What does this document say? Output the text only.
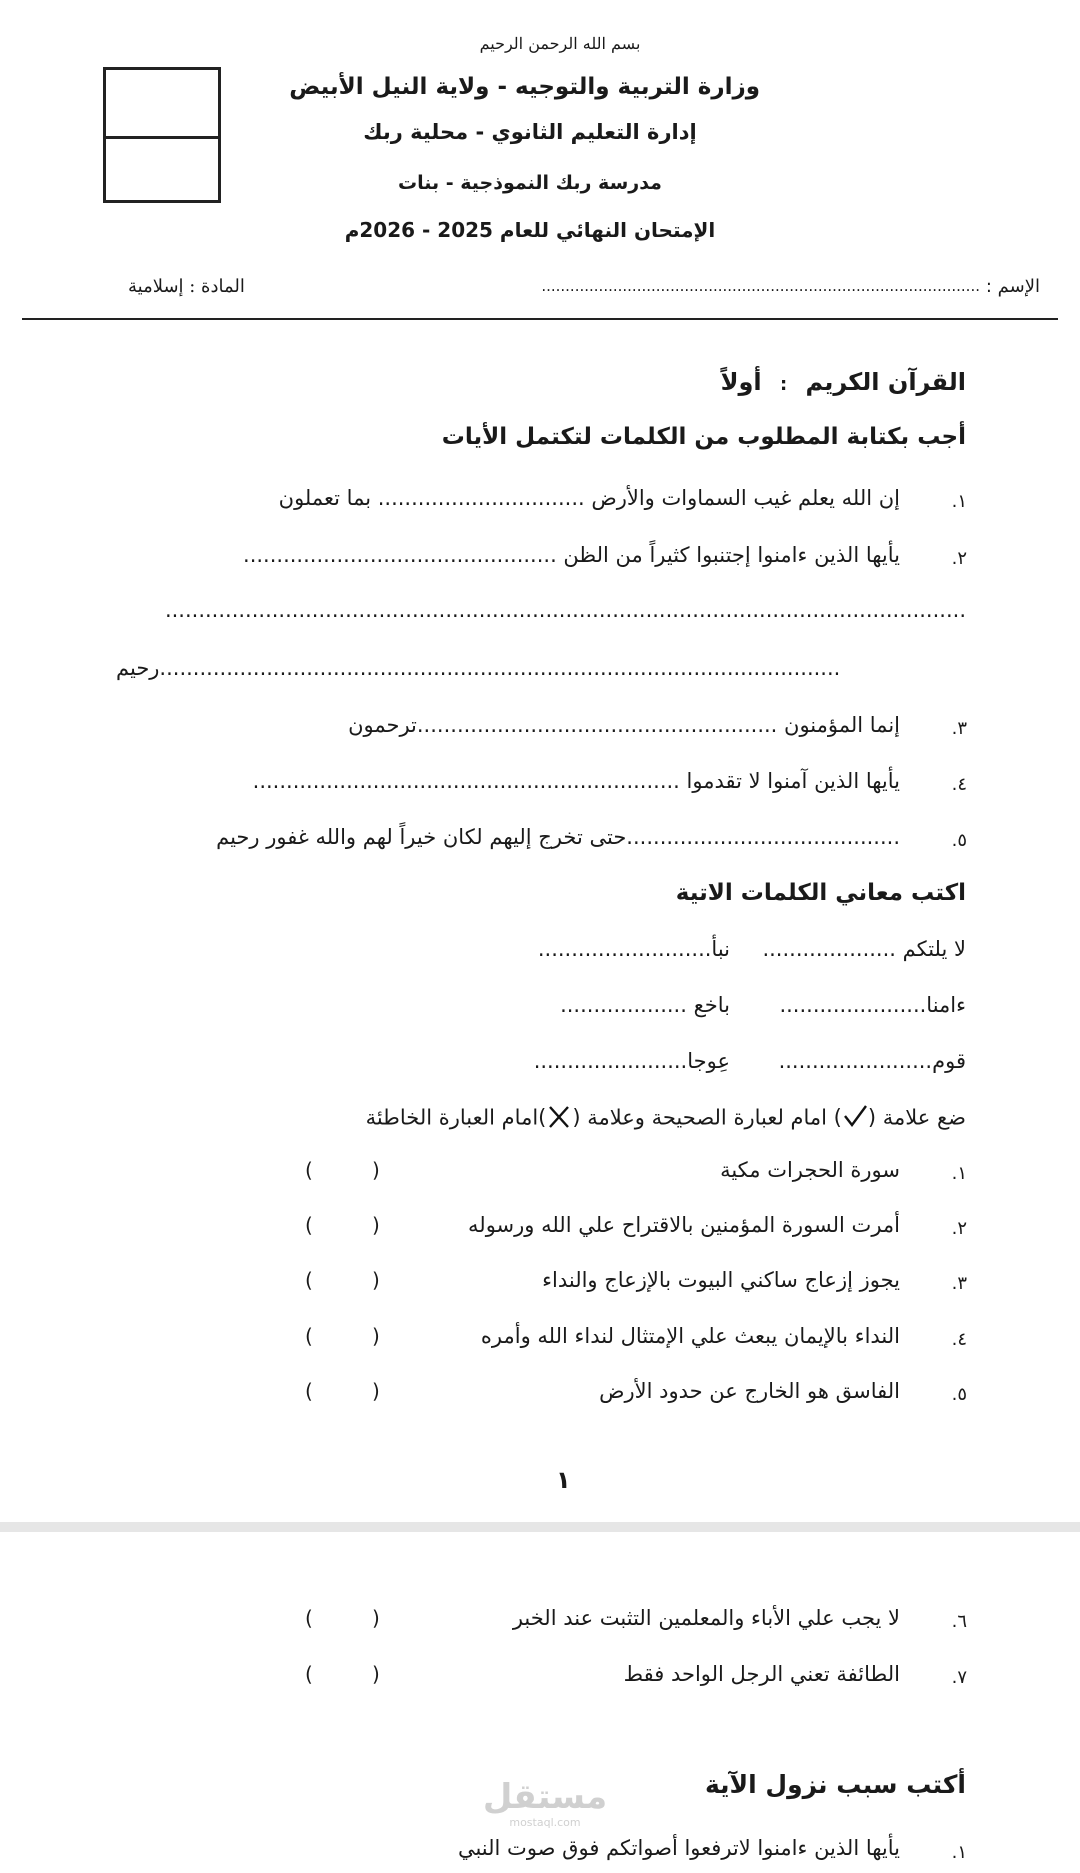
بسم الله الرحمن الرحيم
وزارة التربية والتوجيه - ولاية النيل الأبيض
إدارة التعليم الثانوي - محلية ربك
مدرسة ربك النموذجية - بنات
الإمتحان النهائي للعام 2025 - 2026م
الإسم :
............................................................................................
المادة : إسلامية
القرآن الكريم : أولاً
أجب بكتابة المطلوب من الكلمات لتكتمل الأيات
١.
إن الله يعلم غيب السماوات والأرض ............................... بما تعملون
٢.
يأيها الذين ءامنوا إجتنبوا كثيراً من الظن ...............................................
........................................................................................................................
......................................................................................................رحيم
٣.
إنما المؤمنون ......................................................ترحمون
٤.
يأيها الذين آمنوا لا تقدموا ................................................................
٥.
.........................................حتى تخرج إليهم لكان خيراً لهم والله غفور رحيم
اكتب معاني الكلمات الاتية
لا يلتكم ....................
نبأ..........................
ءامنا......................
باخع ...................
قوم.......................
عِوجا.......................
ضع علامة () امام لعبارة الصحيحة وعلامة ()امام العبارة الخاطئة
١.
سورة الحجرات مكية
(
)
٢.
أمرت السورة المؤمنين بالاقتراح علي الله ورسوله
(
)
٣.
يجوز إزعاج ساكني البيوت بالإزعاج والنداء
(
)
٤.
النداء بالإيمان يبعث علي الإمتثال لنداء الله وأمره
(
)
٥.
الفاسق هو الخارج عن حدود الأرض
(
)
١
٦.
لا يجب علي الأباء والمعلمين التثبت عند الخبر
(
)
٧.
الطائفة تعني الرجل الواحد فقط
(
)
أكتب سبب نزول الآية
مستقل
mostaql.com
١.
يأيها الذين ءامنوا لاترفعوا أصواتكم فوق صوت النبي
